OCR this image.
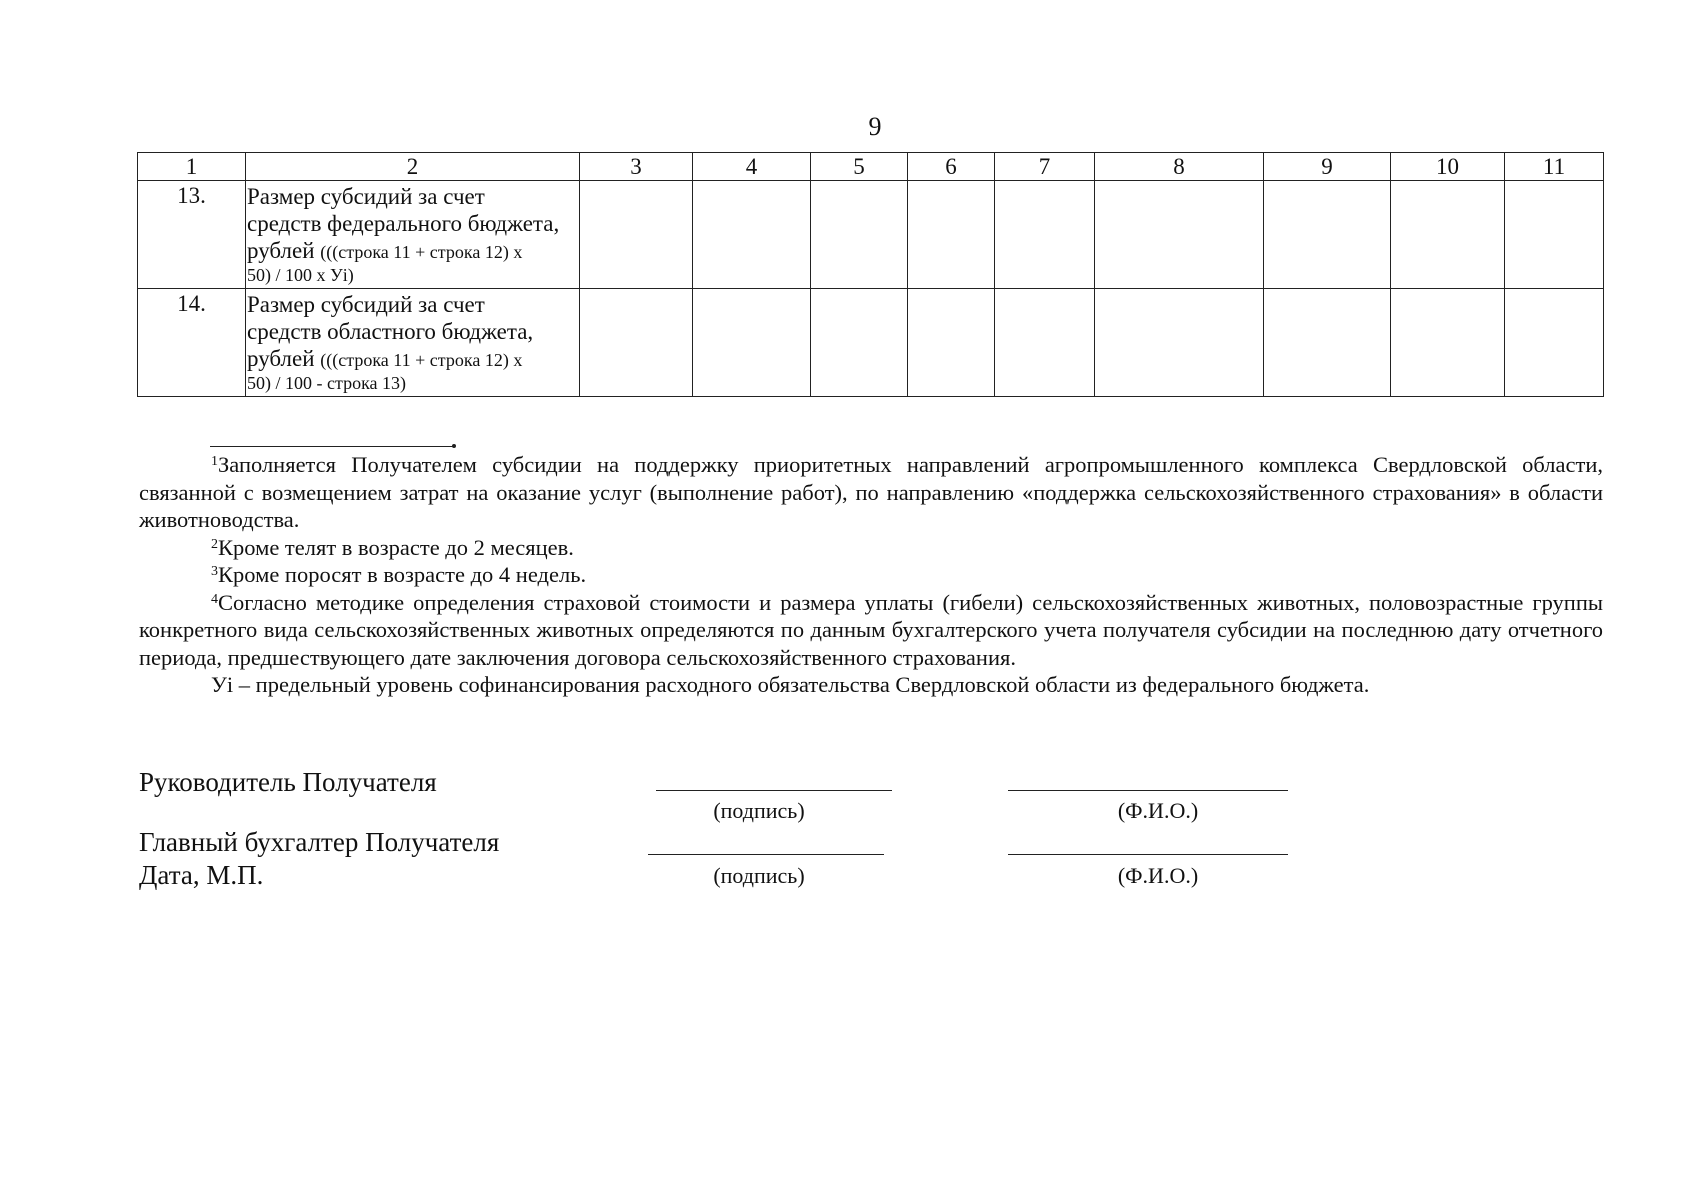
9
1	2	3	4	5	6	7	8	9	10	11
13.	Размер субсидий за счет
средств федерального бюджета,
рублей (((строка 11 + строка 12) х
50) / 100 х Уi)									

14.	Размер субсидий за счет
средств областного бюджета,
рублей (((строка 11 + строка 12) х
50) / 100 - строка 13)									

$^1$Заполняется Получателем субсидии на поддержку приоритетных направлений агропромышленного комплекса Свердловской области, связанной с возмещением затрат на оказание услуг (выполнение работ), по направлению «поддержка сельскохозяйственного страхования» в области животноводства.

$^2$Кроме телят в возрасте до 2 месяцев.

$^3$Кроме поросят в возрасте до 4 недель.

$^4$Согласно методике определения страховой стоимости и размера уплаты (гибели) сельскохозяйственных животных, половозрастные группы конкретного вида сельскохозяйственных животных определяются по данным бухгалтерского учета получателя субсидии на последнюю дату отчетного периода, предшествующего дате заключения договора сельскохозяйственного страхования.

Уi – предельный уровень софинансирования расходного обязательства Свердловской области из федерального бюджета.

Руководитель Получателя
(подпись)	(Ф.И.О.)
Главный бухгалтер Получателя
Дата, М.П.	(подпись)	(Ф.И.О.)
